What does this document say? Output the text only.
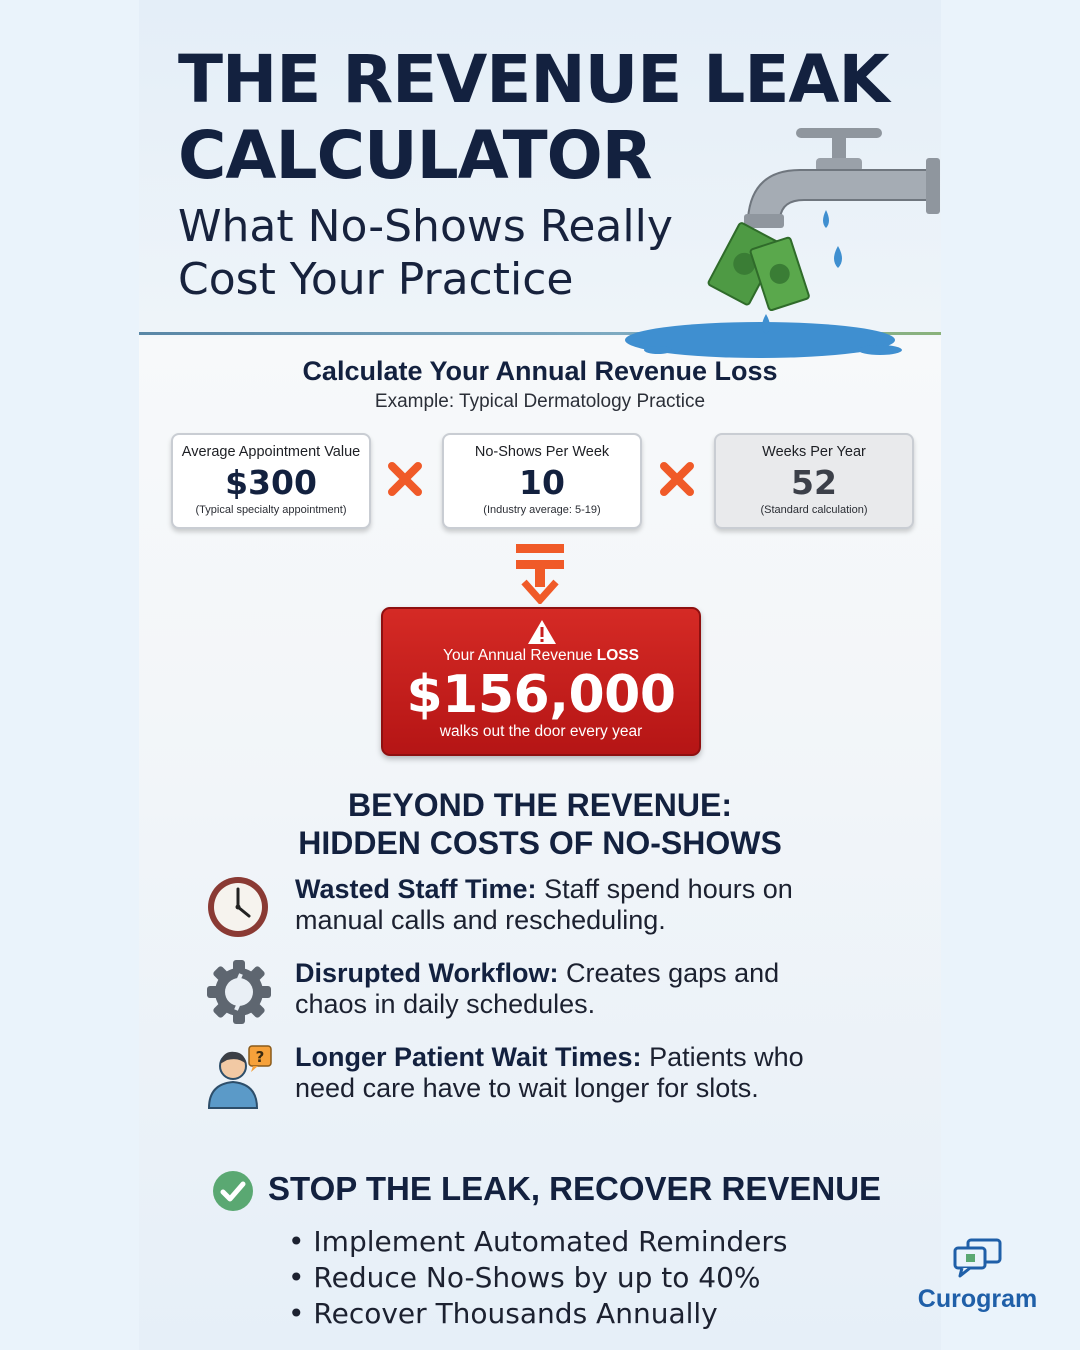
THE REVENUE LEAK CALCULATOR

What No-Shows Really Cost Your Practice

Calculate Your Annual Revenue Loss
Example: Typical Dermatology Practice
Average Appointment Value
$300
(Typical specialty appointment)
No-Shows Per Week
10
(Industry average: 5-19)
Weeks Per Year
52
(Standard calculation)
Your Annual Revenue LOSS
$156,000
walks out the door every year
BEYOND THE REVENUE:
HIDDEN COSTS OF NO-SHOWS
Wasted Staff Time: Staff spend hours on manual calls and rescheduling.
Disrupted Workflow: Creates gaps and chaos in daily schedules.
? Longer Patient Wait Times: Patients who need care have to wait longer for slots.
STOP THE LEAK, RECOVER REVENUE
• Implement Automated Reminders
• Reduce No-Shows by up to 40%
• Recover Thousands Annually	Curogram
